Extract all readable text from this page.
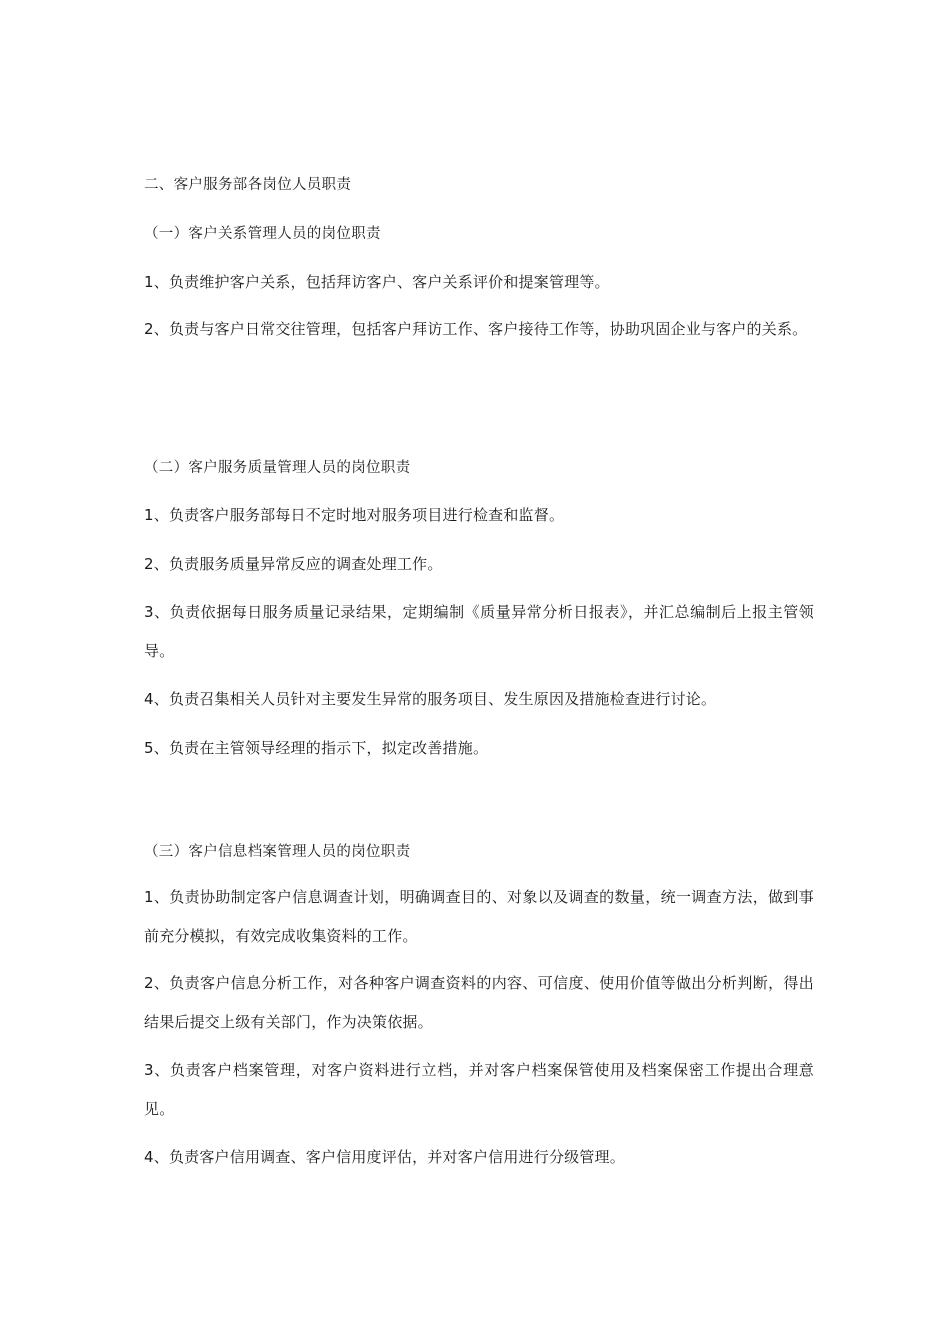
二、客户服务部各岗位人员职责
（一）客户关系管理人员的岗位职责
1、负责维护客户关系，包括拜访客户、客户关系评价和提案管理等。
2、负责与客户日常交往管理，包括客户拜访工作、客户接待工作等，协助巩固企业与客户的关系。
（二）客户服务质量管理人员的岗位职责
1、负责客户服务部每日不定时地对服务项目进行检查和监督。
2、负责服务质量异常反应的调查处理工作。
3、负责依据每日服务质量记录结果，定期编制《质量异常分析日报表》，并汇总编制后上报主管领导。
4、负责召集相关人员针对主要发生异常的服务项目、发生原因及措施检查进行讨论。
5、负责在主管领导经理的指示下，拟定改善措施。
（三）客户信息档案管理人员的岗位职责
1、负责协助制定客户信息调查计划，明确调查目的、对象以及调查的数量，统一调查方法，做到事前充分模拟，有效完成收集资料的工作。
2、负责客户信息分析工作，对各种客户调查资料的内容、可信度、使用价值等做出分析判断，得出结果后提交上级有关部门，作为决策依据。
3、负责客户档案管理，对客户资料进行立档，并对客户档案保管使用及档案保密工作提出合理意见。
4、负责客户信用调查、客户信用度评估，并对客户信用进行分级管理。
